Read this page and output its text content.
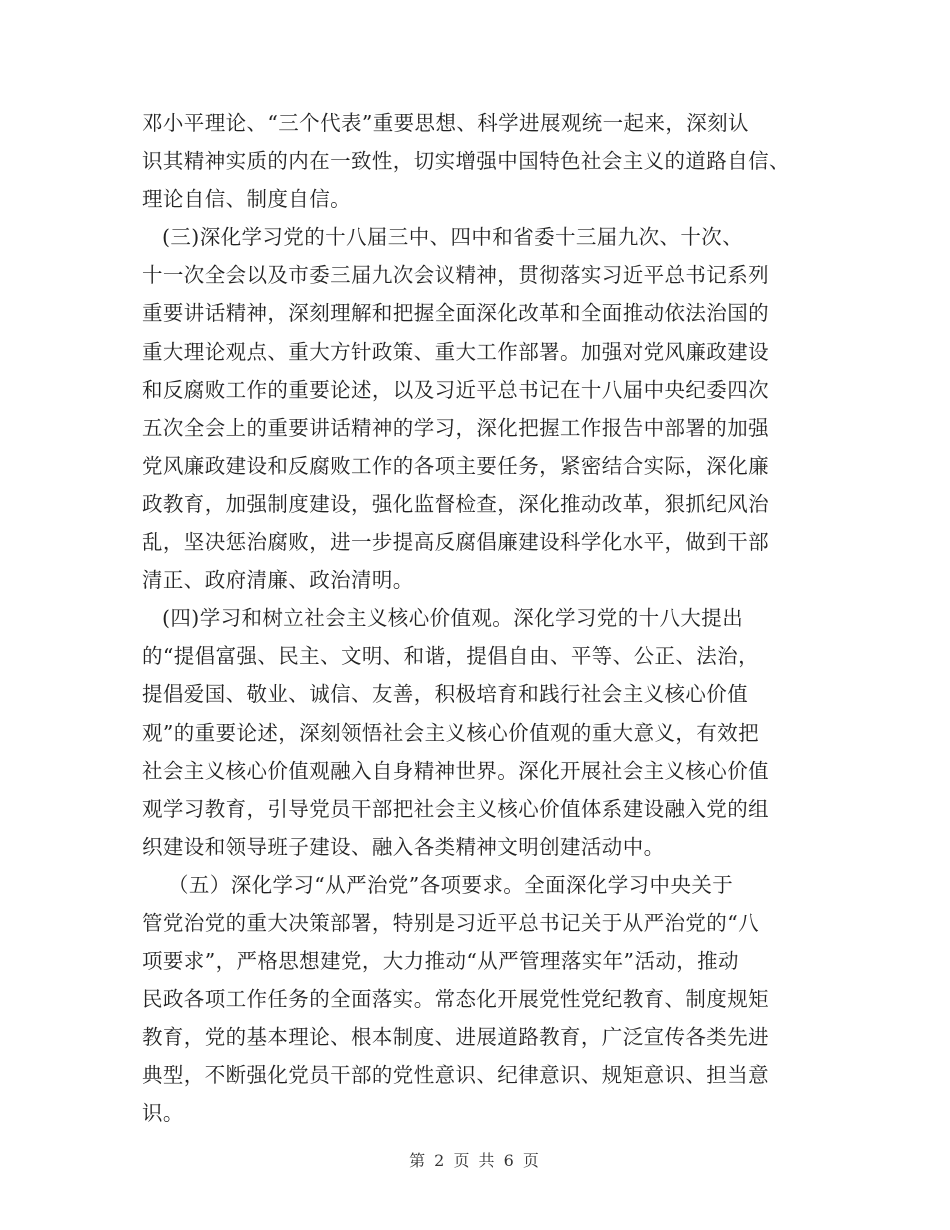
邓小平理论、“三个代表”重要思想、科学进展观统一起来，深刻认
识其精神实质的内在一致性，切实增强中国特色社会主义的道路自信、
理论自信、制度自信。
(三)深化学习党的十八届三中、四中和省委十三届九次、十次、
十一次全会以及市委三届九次会议精神，贯彻落实习近平总书记系列
重要讲话精神，深刻理解和把握全面深化改革和全面推动依法治国的
重大理论观点、重大方针政策、重大工作部署。加强对党风廉政建设
和反腐败工作的重要论述，以及习近平总书记在十八届中央纪委四次
五次全会上的重要讲话精神的学习，深化把握工作报告中部署的加强
党风廉政建设和反腐败工作的各项主要任务，紧密结合实际，深化廉
政教育，加强制度建设，强化监督检查，深化推动改革，狠抓纪风治
乱，坚决惩治腐败，进一步提高反腐倡廉建设科学化水平，做到干部
清正、政府清廉、政治清明。
(四)学习和树立社会主义核心价值观。深化学习党的十八大提出
的“提倡富强、民主、文明、和谐，提倡自由、平等、公正、法治，
提倡爱国、敬业、诚信、友善，积极培育和践行社会主义核心价值
观”的重要论述，深刻领悟社会主义核心价值观的重大意义，有效把
社会主义核心价值观融入自身精神世界。深化开展社会主义核心价值
观学习教育，引导党员干部把社会主义核心价值体系建设融入党的组
织建设和领导班子建设、融入各类精神文明创建活动中。
（五）深化学习“从严治党”各项要求。全面深化学习中央关于
管党治党的重大决策部署，特别是习近平总书记关于从严治党的“八
项要求”，严格思想建党，大力推动“从严管理落实年”活动，推动
民政各项工作任务的全面落实。常态化开展党性党纪教育、制度规矩
教育，党的基本理论、根本制度、进展道路教育，广泛宣传各类先进
典型，不断强化党员干部的党性意识、纪律意识、规矩意识、担当意
识。
第 2 页 共 6 页
